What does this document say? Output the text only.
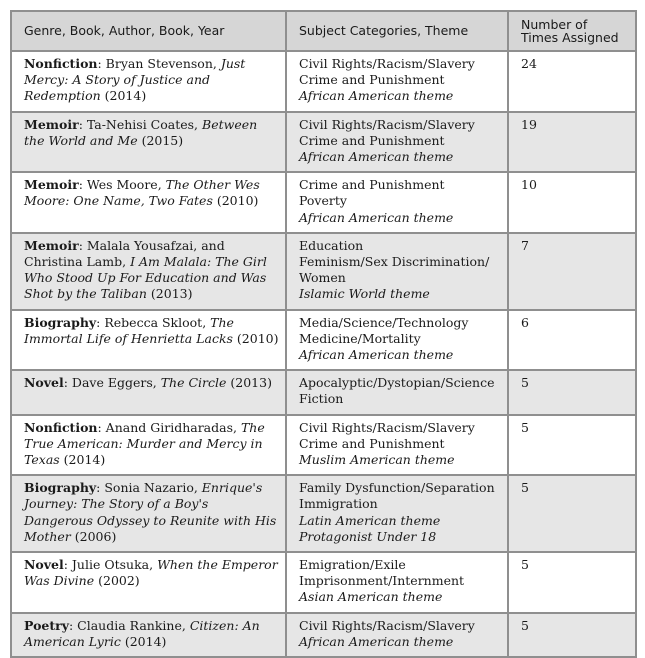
Genre, Book, Author, Book, Year	Subject Categories, Theme	Number of
Times Assigned

Nonfiction: Bryan Stevenson, Just Mercy: A Story of Justice and Redemption (2014)	Civil Rights/Racism/Slavery
Crime and Punishment
African American theme	24
Memoir: Ta-Nehisi Coates, Between the World and Me (2015)	Civil Rights/Racism/Slavery
Crime and Punishment
African American theme	19
Memoir: Wes Moore, The Other Wes Moore: One Name, Two Fates (2010)	Crime and Punishment
Poverty
African American theme	10
Memoir: Malala Yousafzai, and Christina Lamb, I Am Malala: The Girl Who Stood Up For Education and Was Shot by the Taliban (2013)	Education
Feminism/Sex Discrimination/ Women
Islamic World theme	7
Biography: Rebecca Skloot, The Immortal Life of Henrietta Lacks (2010)	Media/Science/Technology
Medicine/Mortality
African American theme	6
Novel: Dave Eggers, The Circle (2013)	Apocalyptic/Dystopian/Science Fiction	5
Nonfiction: Anand Giridharadas, The True American: Murder and Mercy in Texas (2014)	Civil Rights/Racism/Slavery
Crime and Punishment
Muslim American theme	5
Biography: Sonia Nazario, Enrique's Journey: The Story of a Boy's Dangerous Odyssey to Reunite with His Mother (2006)	Family Dysfunction/Separation
Immigration
Latin American theme
Protagonist Under 18	5
Novel: Julie Otsuka, When the Emperor Was Divine (2002)	Emigration/Exile
Imprisonment/Internment
Asian American theme	5
Poetry: Claudia Rankine, Citizen: An American Lyric (2014)	Civil Rights/Racism/Slavery
African American theme	5
